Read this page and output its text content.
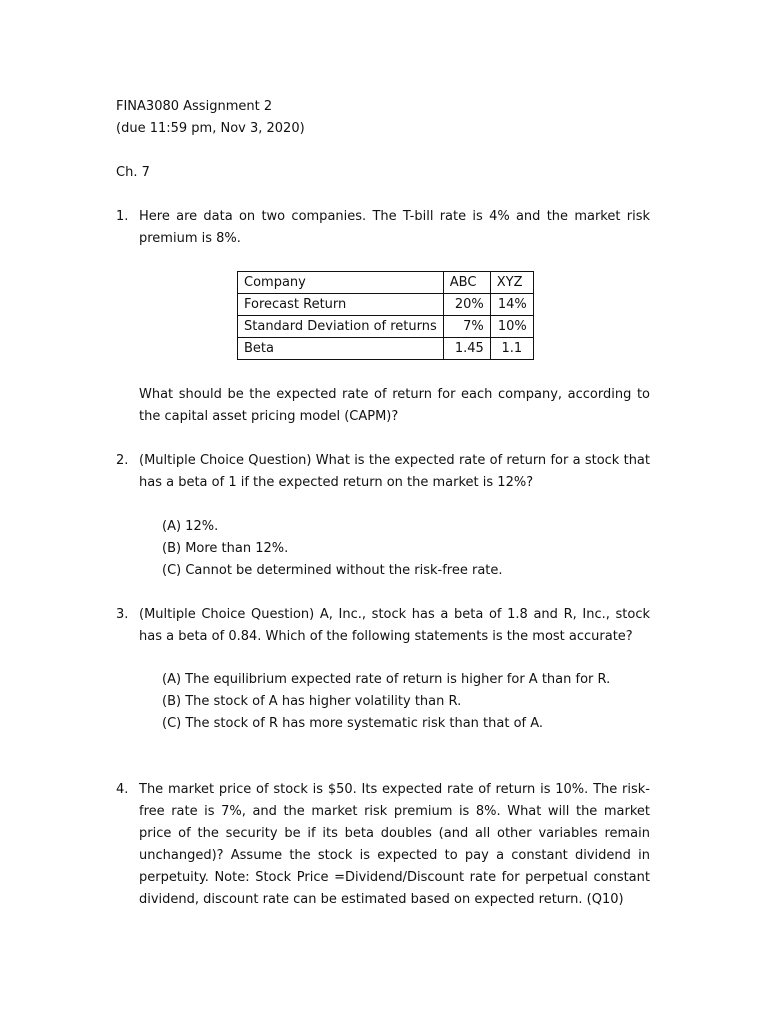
FINA3080 Assignment 2
(due 11:59 pm, Nov 3, 2020)
Ch. 7
1. Here are data on two companies. The T-bill rate is 4% and the market risk premium is 8%.
Company	ABC	XYZ
Forecast Return	20%	14%
Standard Deviation of returns	7%	10%
Beta	1.45	1.1
What should be the expected rate of return for each company, according to the capital asset pricing model (CAPM)?
2. (Multiple Choice Question) What is the expected rate of return for a stock that has a beta of 1 if the expected return on the market is 12%?
(A) 12%.
(B) More than 12%.
(C) Cannot be determined without the risk-free rate.
3. (Multiple Choice Question) A, Inc., stock has a beta of 1.8 and R, Inc., stock has a beta of 0.84. Which of the following statements is the most accurate?
(A) The equilibrium expected rate of return is higher for A than for R.
(B) The stock of A has higher volatility than R.
(C) The stock of R has more systematic risk than that of A.
4. The market price of stock is $50. Its expected rate of return is 10%. The risk-free rate is 7%, and the market risk premium is 8%. What will the market price of the security be if its beta doubles (and all other variables remain unchanged)? Assume the stock is expected to pay a constant dividend in perpetuity. Note: Stock Price =Dividend/Discount rate for perpetual constant dividend, discount rate can be estimated based on expected return. (Q10)
